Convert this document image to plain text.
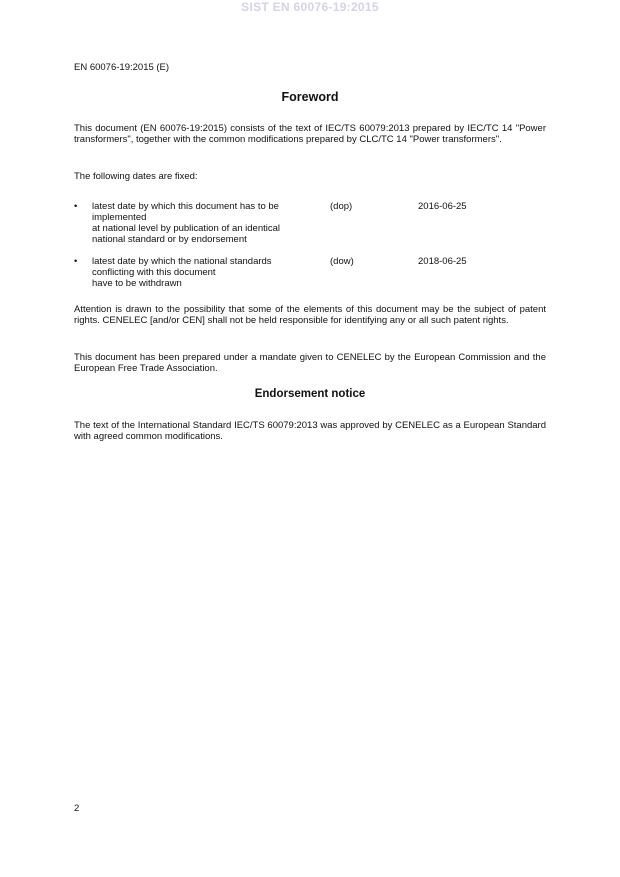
SIST EN 60076-19:2015
EN 60076-19:2015 (E)
Foreword

This document (EN 60076-19:2015) consists of the text of IEC/TS 60079:2013 prepared by IEC/TC 14 "Power transformers", together with the common modifications prepared by CLC/TC 14 "Power transformers".

The following dates are fixed:

• latest date by which this document has to be
implemented
at national level by publication of an identical
national standard or by endorsement
(dop)	2016-06-25
• latest date by which the national standards
conflicting with this document
have to be withdrawn
(dow)	2018-06-25

Attention is drawn to the possibility that some of the elements of this document may be the subject of patent rights. CENELEC [and/or CEN] shall not be held responsible for identifying any or all such patent rights.

This document has been prepared under a mandate given to CENELEC by the European Commission and the European Free Trade Association.

Endorsement notice

The text of the International Standard IEC/TS 60079:2013 was approved by CENELEC as a European Standard with agreed common modifications.

2
